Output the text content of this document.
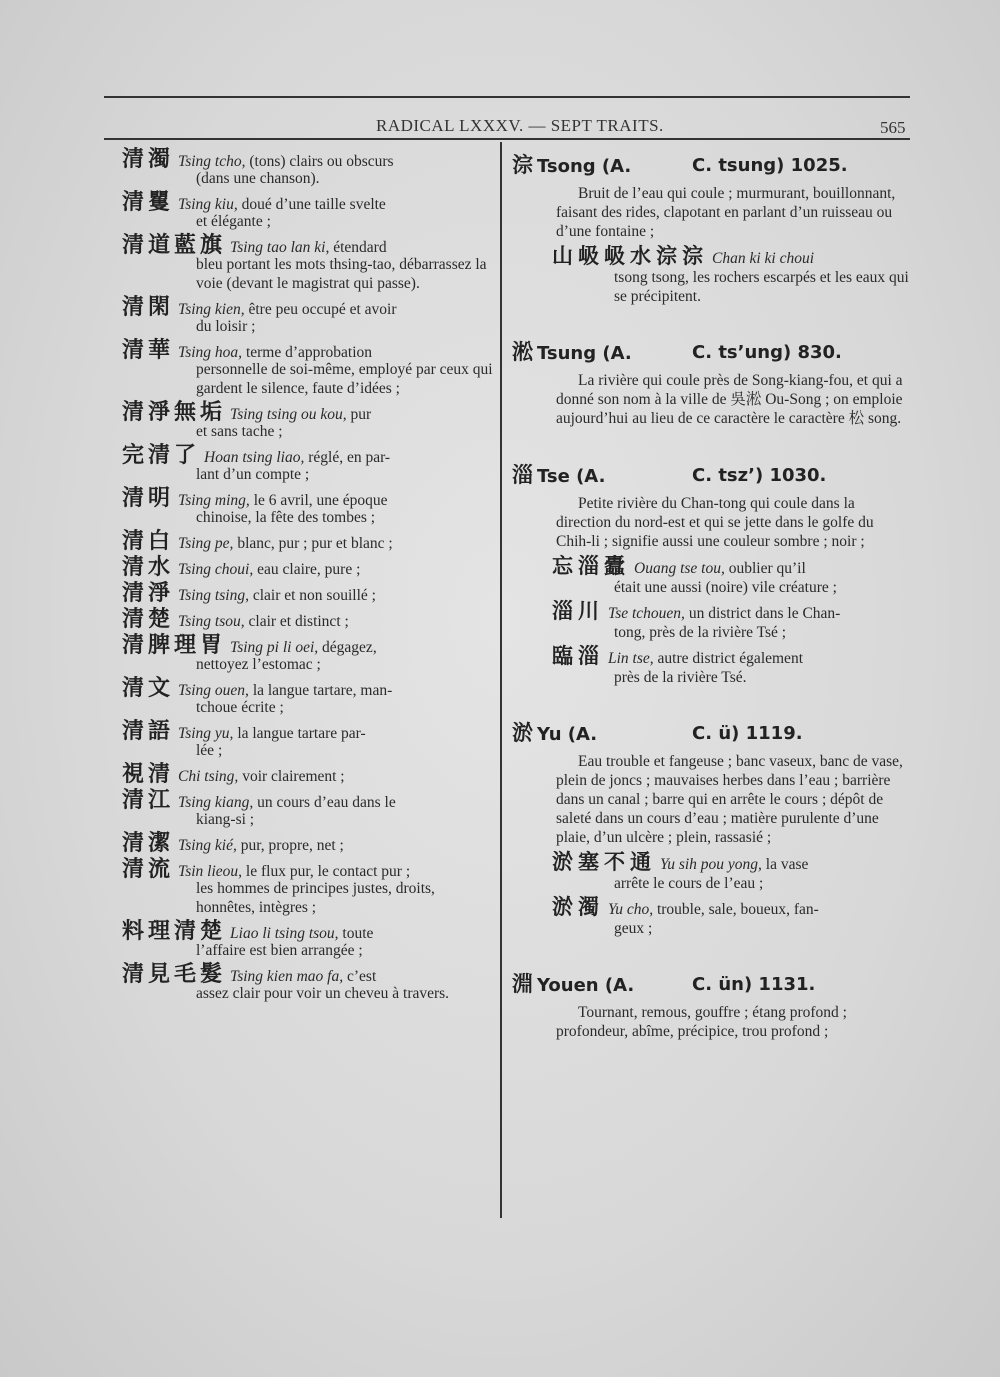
RADICAL LXXXV. — SEPT TRAITS.	565
清濁 Tsing tcho, (tons) clairs ou obscurs
(dans une chanson).
清矍 Tsing kiu, doué d’une taille svelte
et élégante ;
清道藍旗 Tsing tao lan ki, étendard
bleu portant les mots thsing-tao, débarrassez la voie (devant le magistrat qui passe).
清閑 Tsing kien, être peu occupé et avoir
du loisir ;
清華 Tsing hoa, terme d’approbation
personnelle de soi-même, employé par ceux qui gardent le silence, faute d’idées ;
清淨無垢 Tsing tsing ou kou, pur
et sans tache ;
完清了 Hoan tsing liao, réglé, en par-
lant d’un compte ;
清明 Tsing ming, le 6 avril, une époque
chinoise, la fête des tombes ;
清白 Tsing pe, blanc, pur ; pur et blanc ;
清水 Tsing choui, eau claire, pure ;
清淨 Tsing tsing, clair et non souillé ;
清楚 Tsing tsou, clair et distinct ;
清脾理胃 Tsing pi li oei, dégagez,
nettoyez l’estomac ;
清文 Tsing ouen, la langue tartare, man-
tchoue écrite ;
清語 Tsing yu, la langue tartare par-
lée ;
視清 Chi tsing, voir clairement ;
清江 Tsing kiang, un cours d’eau dans le
kiang-si ;
清潔 Tsing kié, pur, propre, net ;
清流 Tsin lieou, le flux pur, le contact pur ;
les hommes de principes justes, droits, honnêtes, intègres ;
料理清楚 Liao li tsing tsou, toute
l’affaire est bien arrangée ;
清見毛髮 Tsing kien mao fa, c’est
assez clair pour voir un cheveu à travers.
淙 Tsong (A.	C. tsung) 1025.
Bruit de l’eau qui coule ; murmurant, bouillonnant, faisant des rides, clapotant en parlant d’un ruisseau ou d’une fontaine ;
山岋岋水淙淙 Chan ki ki choui
tsong tsong, les rochers escarpés et les eaux qui se précipitent.
淞 Tsung (A.	C. ts’ung) 830.
La rivière qui coule près de Song-kiang-fou, et qui a donné son nom à la ville de 吳淞 Ou-Song ; on emploie aujourd’hui au lieu de ce caractère le caractère 松 song.
淄 Tse (A.	C. tsz’) 1030.
Petite rivière du Chan-tong qui coule dans la direction du nord-est et qui se jette dans le golfe du Chih-li ; signifie aussi une couleur sombre ; noir ;
忘淄蠹 Ouang tse tou, oublier qu’il
était une aussi (noire) vile créature ;
淄川 Tse tchouen, un district dans le Chan-
tong, près de la rivière Tsé ;
臨淄 Lin tse, autre district également
près de la rivière Tsé.
淤 Yu (A.	C. ü) 1119.
Eau trouble et fangeuse ; banc vaseux, banc de vase, plein de joncs ; mauvaises herbes dans l’eau ; barrière dans un canal ; barre qui en arrête le cours ; dépôt de saleté dans un cours d’eau ; matière purulente d’une plaie, d’un ulcère ; plein, rassasié ;
淤塞不通 Yu sih pou yong, la vase
arrête le cours de l’eau ;
淤濁 Yu cho, trouble, sale, boueux, fan-
geux ;
淵 Youen (A.	C. ün) 1131.
Tournant, remous, gouffre ; étang profond ; profondeur, abîme, précipice, trou profond ;
